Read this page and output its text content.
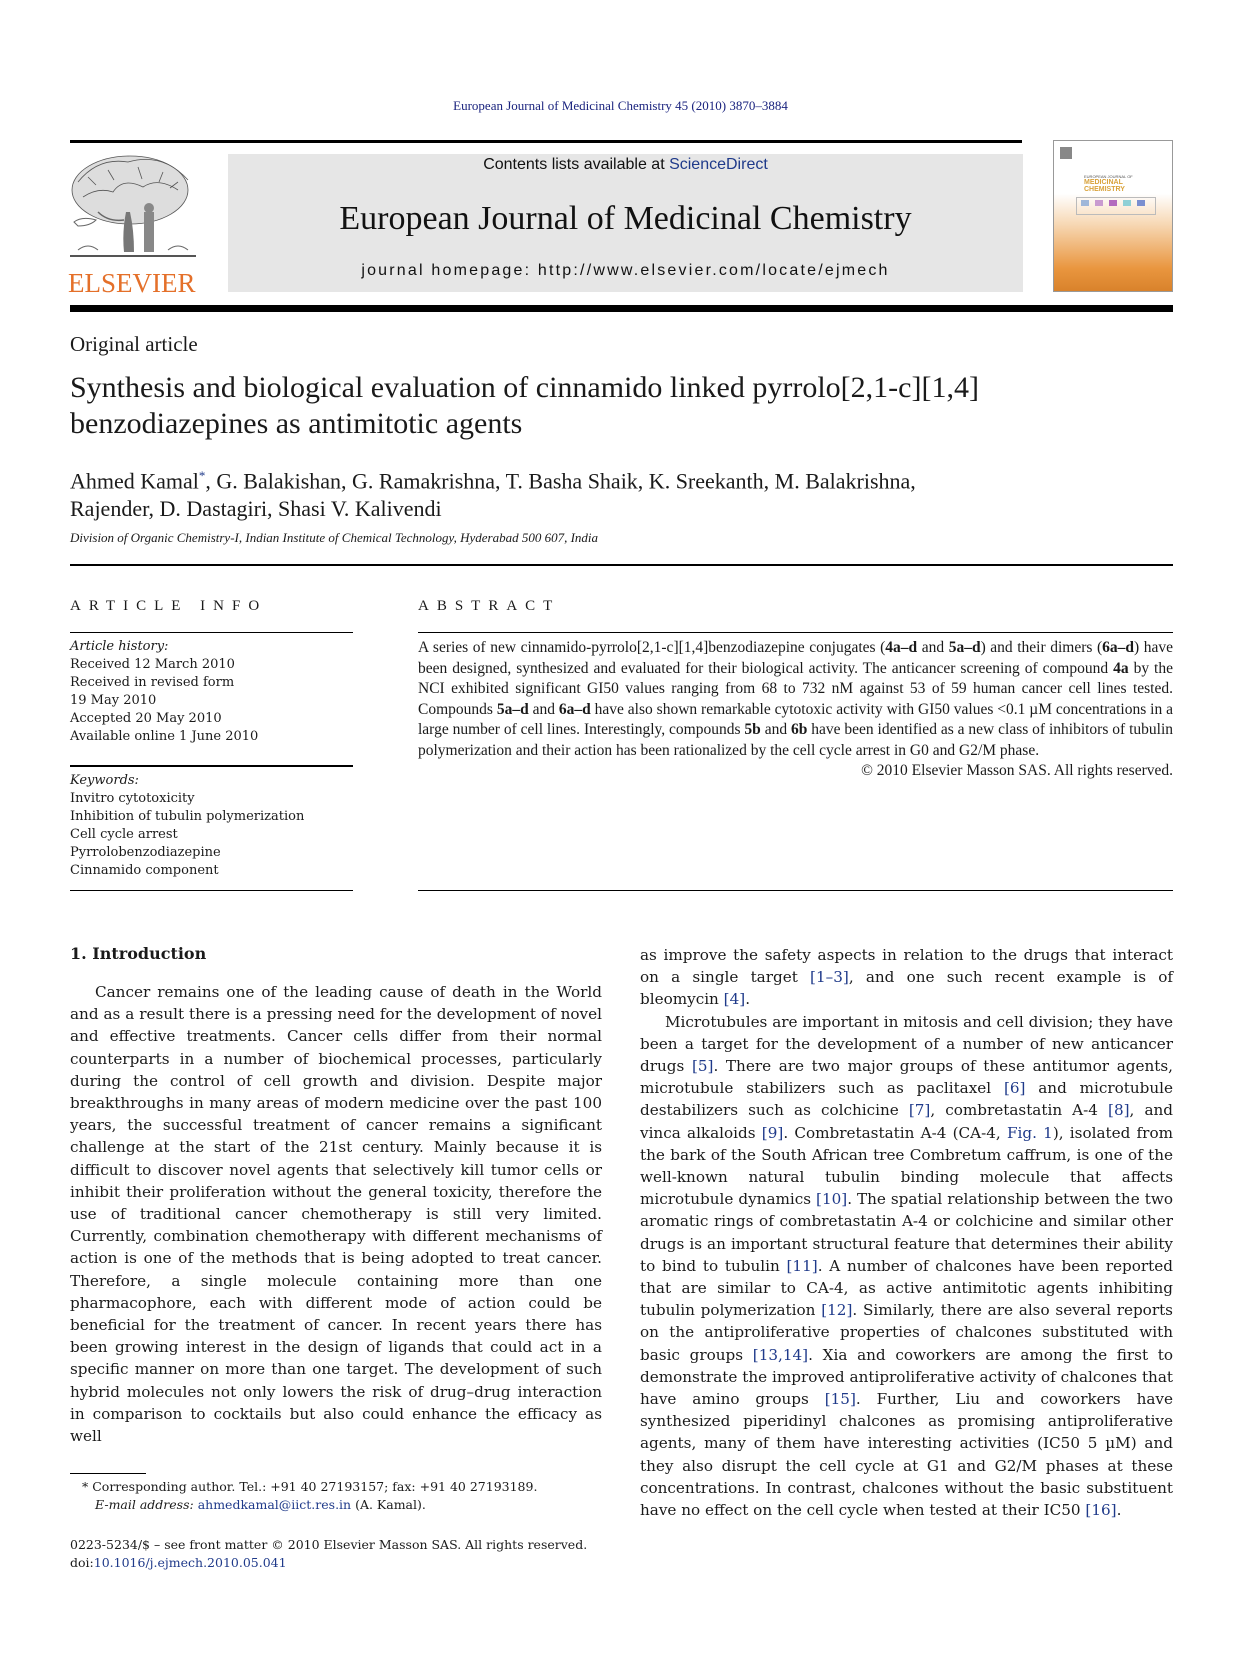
European Journal of Medicinal Chemistry 45 (2010) 3870–3884
ELSEVIER
Contents lists available at ScienceDirect
European Journal of Medicinal Chemistry
journal homepage: http://www.elsevier.com/locate/ejmech
EUROPEAN JOURNAL OF
MEDICINAL
CHEMISTRY
Original article
Synthesis and biological evaluation of cinnamido linked pyrrolo[2,1-c][1,4]
benzodiazepines as antimitotic agents
Ahmed Kamal*, G. Balakishan, G. Ramakrishna, T. Basha Shaik, K. Sreekanth, M. Balakrishna,
Rajender, D. Dastagiri, Shasi V. Kalivendi
Division of Organic Chemistry-I, Indian Institute of Chemical Technology, Hyderabad 500 607, India
ARTICLE INFO
Article history:
Received 12 March 2010
Received in revised form
19 May 2010
Accepted 20 May 2010
Available online 1 June 2010
Keywords:
Invitro cytotoxicity
Inhibition of tubulin polymerization
Cell cycle arrest
Pyrrolobenzodiazepine
Cinnamido component
ABSTRACT
A series of new cinnamido-pyrrolo[2,1-c][1,4]benzodiazepine conjugates (4a–d and 5a–d) and their dimers (6a–d) have been designed, synthesized and evaluated for their biological activity. The anticancer screening of compound 4a by the NCI exhibited significant GI50 values ranging from 68 to 732 nM against 53 of 59 human cancer cell lines tested. Compounds 5a–d and 6a–d have also shown remarkable cytotoxic activity with GI50 values <0.1 µM concentrations in a large number of cell lines. Interestingly, compounds 5b and 6b have been identified as a new class of inhibitors of tubulin polymerization and their action has been rationalized by the cell cycle arrest in G0 and G2/M phase.
© 2010 Elsevier Masson SAS. All rights reserved.
1. Introduction

Cancer remains one of the leading cause of death in the World and as a result there is a pressing need for the development of novel and effective treatments. Cancer cells differ from their normal counterparts in a number of biochemical processes, particularly during the control of cell growth and division. Despite major breakthroughs in many areas of modern medicine over the past 100 years, the successful treatment of cancer remains a significant challenge at the start of the 21st century. Mainly because it is difficult to discover novel agents that selectively kill tumor cells or inhibit their proliferation without the general toxicity, therefore the use of traditional cancer chemotherapy is still very limited. Currently, combination chemotherapy with different mechanisms of action is one of the methods that is being adopted to treat cancer. Therefore, a single molecule containing more than one pharmacophore, each with different mode of action could be beneficial for the treatment of cancer. In recent years there has been growing interest in the design of ligands that could act in a specific manner on more than one target. The development of such hybrid molecules not only lowers the risk of drug–drug interaction in comparison to cocktails but also could enhance the efficacy as well

as improve the safety aspects in relation to the drugs that interact on a single target [1–3], and one such recent example is of bleomycin [4].

Microtubules are important in mitosis and cell division; they have been a target for the development of a number of new anticancer drugs [5]. There are two major groups of these antitumor agents, microtubule stabilizers such as paclitaxel [6] and microtubule destabilizers such as colchicine [7], combretastatin A-4 [8], and vinca alkaloids [9]. Combretastatin A-4 (CA-4, Fig. 1), isolated from the bark of the South African tree Combretum caffrum, is one of the well-known natural tubulin binding molecule that affects microtubule dynamics [10]. The spatial relationship between the two aromatic rings of combretastatin A-4 or colchicine and similar other drugs is an important structural feature that determines their ability to bind to tubulin [11]. A number of chalcones have been reported that are similar to CA-4, as active antimitotic agents inhibiting tubulin polymerization [12]. Similarly, there are also several reports on the antiproliferative properties of chalcones substituted with basic groups [13,14]. Xia and coworkers are among the first to demonstrate the improved antiproliferative activity of chalcones that have amino groups [15]. Further, Liu and coworkers have synthesized piperidinyl chalcones as promising antiproliferative agents, many of them have interesting activities (IC50 5 µM) and they also disrupt the cell cycle at G1 and G2/M phases at these concentrations. In contrast, chalcones without the basic substituent have no effect on the cell cycle when tested at their IC50 [16].

* Corresponding author. Tel.: +91 40 27193157; fax: +91 40 27193189.
E-mail address: ahmedkamal@iict.res.in (A. Kamal).
0223-5234/$ – see front matter © 2010 Elsevier Masson SAS. All rights reserved.
doi:10.1016/j.ejmech.2010.05.041
